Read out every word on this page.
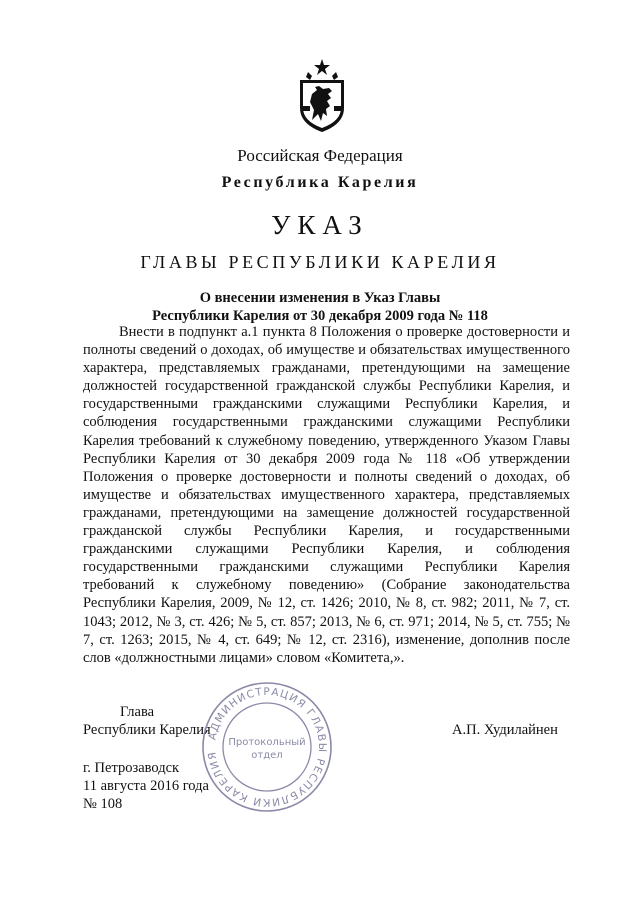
Российская Федерация
Республика Карелия
УКАЗ
ГЛАВЫ РЕСПУБЛИКИ КАРЕЛИЯ
О внесении изменения в Указ Главы
Республики Карелия от 30 декабря 2009 года № 118

Внести в подпункт а.1 пункта 8 Положения о проверке достоверности и полноты сведений о доходах, об имуществе и обязательствах имущественного характера, представляемых гражданами, претендующими на замещение должностей государственной гражданской службы Республики Карелия, и государственными гражданскими служащими Республики Карелия, и соблюдения государственными гражданскими служащими Республики Карелия требований к служебному поведению, утвержденного Указом Главы Республики Карелия от 30 декабря 2009 года № 118 «Об утверждении Положения о проверке достоверности и полноты сведений о доходах, об имуществе и обязательствах имущественного характера, представляемых гражданами, претендующими на замещение должностей государственной гражданской службы Республики Карелия, и государственными гражданскими служащими Республики Карелия, и соблюдения государственными гражданскими служащими Республики Карелия требований к служебному поведению» (Собрание законодательства Республики Карелия, 2009, № 12, ст. 1426; 2010, № 8, ст. 982; 2011, № 7, ст. 1043; 2012, № 3, ст. 426; № 5, ст. 857; 2013, № 6, ст. 971; 2014, № 5, ст. 755; № 7, ст. 1263; 2015, № 4, ст. 649; № 12, ст. 2316), изменение, дополнив после слов «должностными лицами» словом «Комитета,».

Глава
Республики Карелия	А.П. Худилайнен
г. Петрозаводск
11 августа 2016 года
№ 108
АДМИНИСТРАЦИЯ ГЛАВЫ РЕСПУБЛИКИ КАРЕЛИЯ
Протокольный
отдел
